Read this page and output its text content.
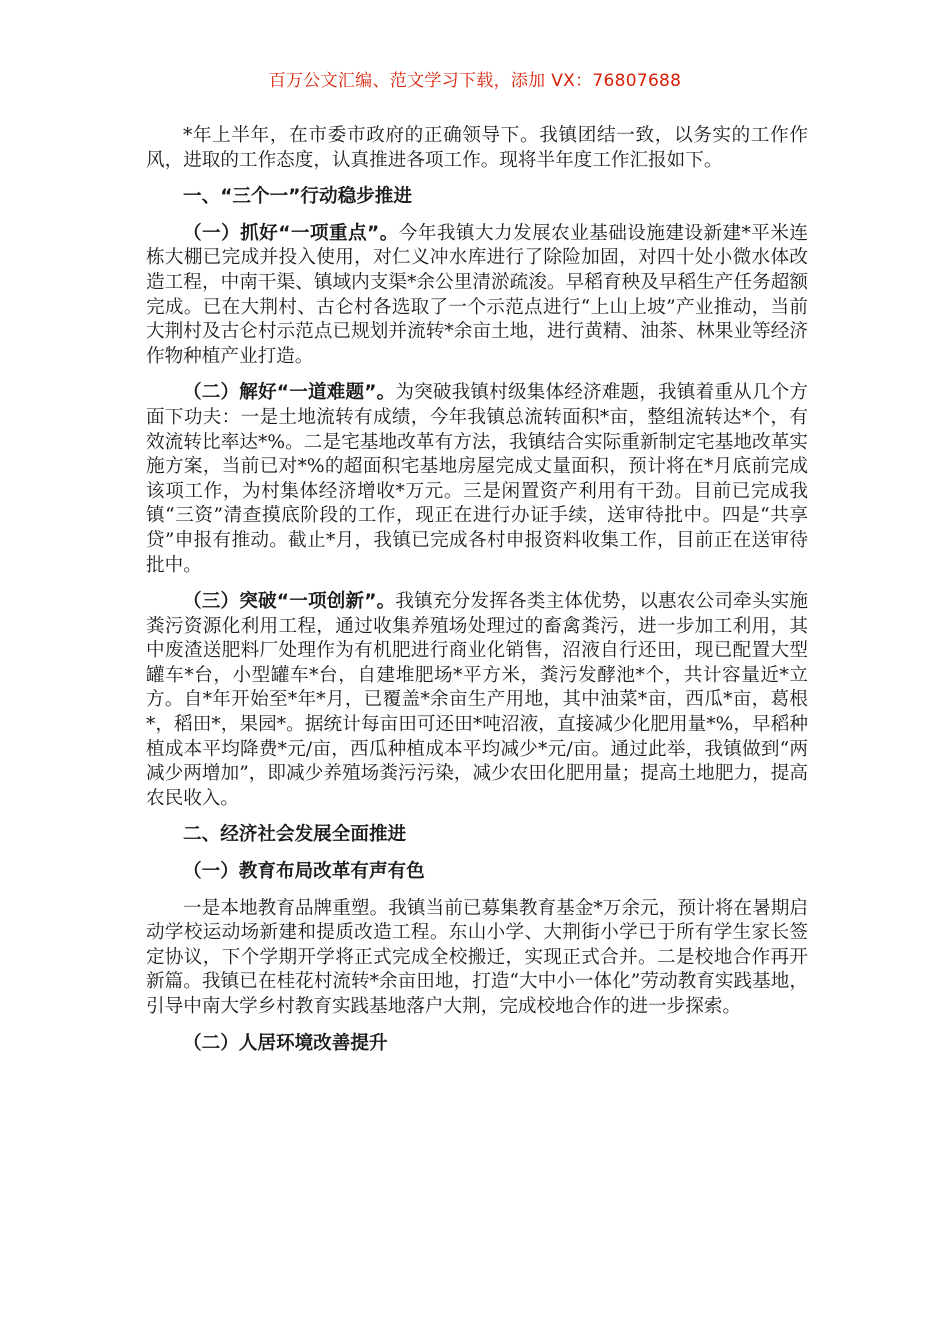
百万公文汇编、范文学习下载，添加 VX：76807688

*年上半年，在市委市政府的正确领导下。我镇团结一致，以务实的工作作风，进取的工作态度，认真推进各项工作。现将半年度工作汇报如下。

一、“三个一”行动稳步推进

（一）抓好“一项重点”。今年我镇大力发展农业基础设施建设新建*平米连栋大棚已完成并投入使用，对仁义冲水库进行了除险加固，对四十处小微水体改造工程，中南干渠、镇域内支渠*余公里清淤疏浚。早稻育秧及早稻生产任务超额完成。已在大荆村、古仑村各选取了一个示范点进行“上山上坡”产业推动，当前大荆村及古仑村示范点已规划并流转*余亩土地，进行黄精、油茶、林果业等经济作物种植产业打造。

（二）解好“一道难题”。为突破我镇村级集体经济难题，我镇着重从几个方面下功夫：一是土地流转有成绩，今年我镇总流转面积*亩，整组流转达*个，有效流转比率达*%。二是宅基地改革有方法，我镇结合实际重新制定宅基地改革实施方案，当前已对*%的超面积宅基地房屋完成丈量面积，预计将在*月底前完成该项工作，为村集体经济增收*万元。三是闲置资产利用有干劲。目前已完成我镇“三资”清查摸底阶段的工作，现正在进行办证手续，送审待批中。四是“共享贷”申报有推动。截止*月，我镇已完成各村申报资料收集工作，目前正在送审待批中。

（三）突破“一项创新”。我镇充分发挥各类主体优势，以惠农公司牵头实施粪污资源化利用工程，通过收集养殖场处理过的畜禽粪污，进一步加工利用，其中废渣送肥料厂处理作为有机肥进行商业化销售，沼液自行还田，现已配置大型罐车*台，小型罐车*台，自建堆肥场*平方米，粪污发酵池*个，共计容量近*立方。自*年开始至*年*月，已覆盖*余亩生产用地，其中油菜*亩，西瓜*亩，葛根*，稻田*，果园*。据统计每亩田可还田*吨沼液，直接减少化肥用量*%，早稻种植成本平均降费*元/亩，西瓜种植成本平均减少*元/亩。通过此举，我镇做到“两减少两增加”，即减少养殖场粪污污染，减少农田化肥用量；提高土地肥力，提高农民收入。

二、经济社会发展全面推进

（一）教育布局改革有声有色

一是本地教育品牌重塑。我镇当前已募集教育基金*万余元，预计将在暑期启动学校运动场新建和提质改造工程。东山小学、大荆街小学已于所有学生家长签定协议，下个学期开学将正式完成全校搬迁，实现正式合并。二是校地合作再开新篇。我镇已在桂花村流转*余亩田地，打造“大中小一体化”劳动教育实践基地，引导中南大学乡村教育实践基地落户大荆，完成校地合作的进一步探索。

（二）人居环境改善提升
